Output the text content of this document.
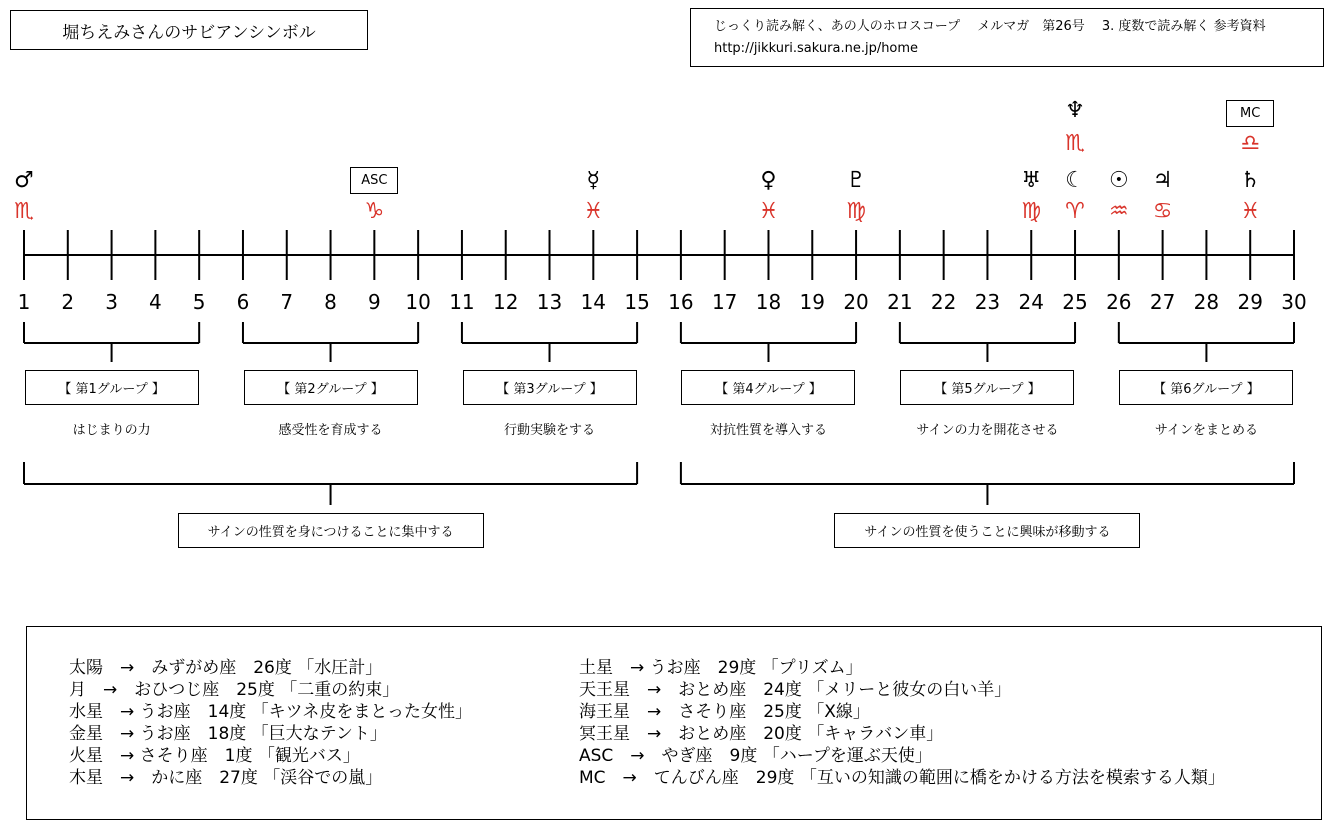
堀ちえみさんのサビアンシンボル	じっくり読み解く、あの人のホロスコープ　 メルマガ　第26号　 3. 度数で読み解く 参考資料
http://jikkuri.sakura.ne.jp/home
1	2	3	4	5	6	7	8	9	10 11 12 13 14 15 16 17 18 19 20 21 22 23 24 25 26 27 28 29 30
♂
♏
ASC
♑
☿
♓
♀
♓
♇
♍
♅
♍
☾
♈
♆
♏
☉
♒
♃
♋
♄
♓
MC
♎
【 第1グループ 】
はじまりの力
【 第2グループ 】
感受性を育成する
【 第3グループ 】
行動実験をする
【 第4グループ 】
対抗性質を導入する
【 第5グループ 】
サインの力を開花させる
【 第6グループ 】
サインをまとめる
サインの性質を身につけることに集中する	サインの性質を使うことに興味が移動する
太陽　→　みずがめ座　26度 「水圧計」
月　→　おひつじ座　25度 「二重の約束」
水星　→ うお座　14度 「キツネ皮をまとった女性」
金星　→ うお座　18度 「巨大なテント」
火星　→ さそり座　1度 「観光バス」
木星　→　かに座　27度 「渓谷での嵐」
土星　→ うお座　29度 「プリズム」
天王星　→　おとめ座　24度 「メリーと彼女の白い羊」
海王星　→　さそり座　25度 「X線」
冥王星　→　おとめ座　20度 「キャラバン車」
ASC　→　やぎ座　9度 「ハープを運ぶ天使」
MC　→　てんびん座　29度 「互いの知識の範囲に橋をかける方法を模索する人類」
